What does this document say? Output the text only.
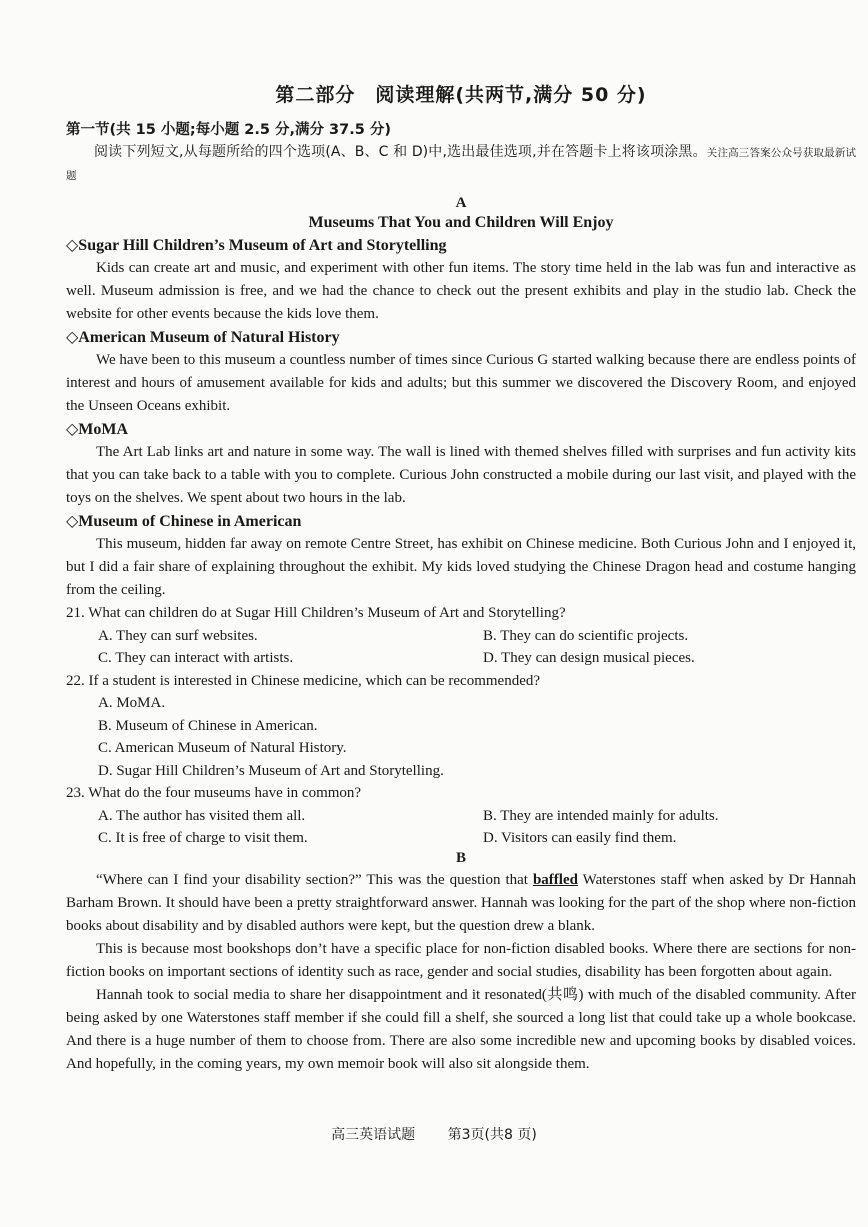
第二部分　阅读理解(共两节,满分 50 分)
第一节(共 15 小题;每小题 2.5 分,满分 37.5 分)

阅读下列短文,从每题所给的四个选项(A、B、C 和 D)中,选出最佳选项,并在答题卡上将该项涂黑。关注高三答案公众号获取最新试题

A
Museums That You and Children Will Enjoy
◇Sugar Hill Children’s Museum of Art and Storytelling

Kids can create art and music, and experiment with other fun items. The story time held in the lab was fun and interactive as well. Museum admission is free, and we had the chance to check out the present exhibits and play in the studio lab. Check the website for other events because the kids love them.

◇American Museum of Natural History

We have been to this museum a countless number of times since Curious G started walking because there are endless points of interest and hours of amusement available for kids and adults; but this summer we discovered the Discovery Room, and enjoyed the Unseen Oceans exhibit.

◇MoMA

The Art Lab links art and nature in some way. The wall is lined with themed shelves filled with surprises and fun activity kits that you can take back to a table with you to complete. Curious John constructed a mobile during our last visit, and played with the toys on the shelves. We spent about two hours in the lab.

◇Museum of Chinese in American

This museum, hidden far away on remote Centre Street, has exhibit on Chinese medicine. Both Curious John and I enjoyed it, but I did a fair share of explaining throughout the exhibit. My kids loved studying the Chinese Dragon head and costume hanging from the ceiling.

21. What can children do at Sugar Hill Children’s Museum of Art and Storytelling?
A. They can surf websites.	B. They can do scientific projects.
C. They can interact with artists.	D. They can design musical pieces.
22. If a student is interested in Chinese medicine, which can be recommended?
A. MoMA.
B. Museum of Chinese in American.
C. American Museum of Natural History.
D. Sugar Hill Children’s Museum of Art and Storytelling.
23. What do the four museums have in common?
A. The author has visited them all.	B. They are intended mainly for adults.
C. It is free of charge to visit them.	D. Visitors can easily find them.
B

“Where can I find your disability section?” This was the question that baffled Waterstones staff when asked by Dr Hannah Barham Brown. It should have been a pretty straightforward answer. Hannah was looking for the part of the shop where non-fiction books about disability and by disabled authors were kept, but the question drew a blank.

This is because most bookshops don’t have a specific place for non-fiction disabled books. Where there are sections for non-fiction books on important sections of identity such as race, gender and social studies, disability has been forgotten about again.

Hannah took to social media to share her disappointment and it resonated(共鸣) with much of the disabled community. After being asked by one Waterstones staff member if she could fill a shelf, she sourced a long list that could take up a whole bookcase. And there is a huge number of them to choose from. There are also some incredible new and upcoming books by disabled voices. And hopefully, in the coming years, my own memoir book will also sit alongside them.

高三英语试题 第3页(共8 页)
